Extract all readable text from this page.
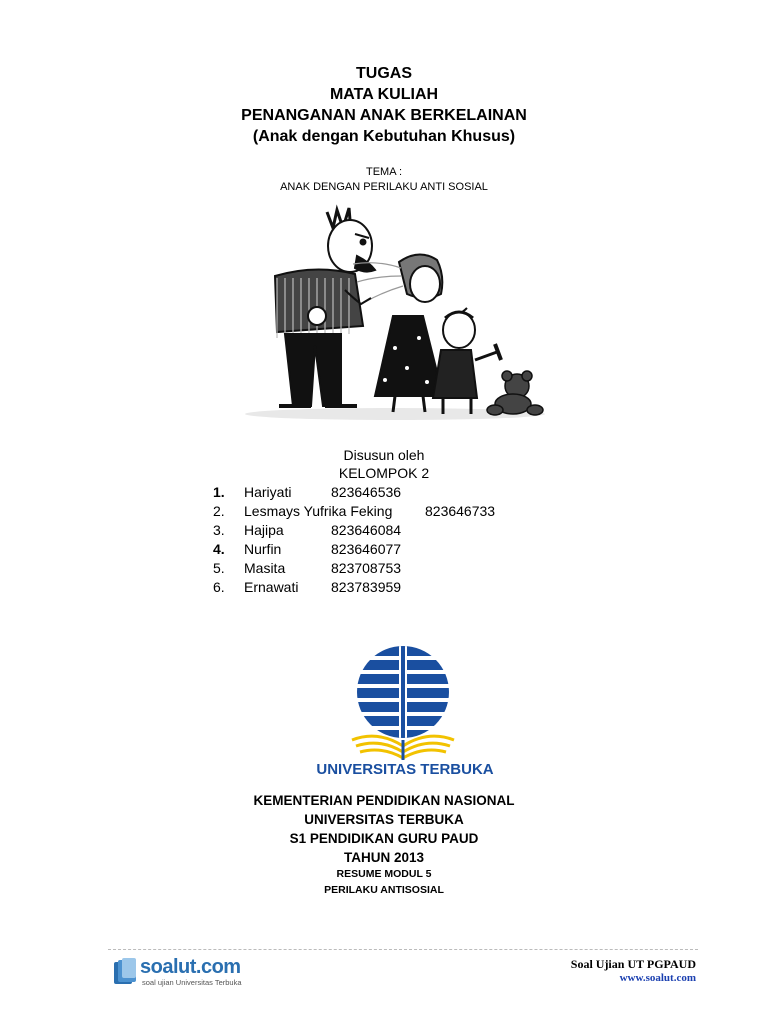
TUGAS
MATA KULIAH
PENANGANAN ANAK BERKELAINAN
(Anak dengan Kebutuhan Khusus)
TEMA :
ANAK DENGAN PERILAKU ANTI SOSIAL
Disusun oleh
KELOMPOK 2
1. Hariyati	823646536
2. Lesmays Yufrika Feking 823646733
3. Hajipa	823646084
4. Nurfin	823646077
5. Masita	823708753
6. Ernawati 823783959
UNIVERSITAS TERBUKA
KEMENTERIAN PENDIDIKAN NASIONAL
UNIVERSITAS TERBUKA
S1 PENDIDIKAN GURU PAUD
TAHUN 2013
RESUME MODUL 5
PERILAKU ANTISOSIAL
soalut.com
soal ujian Universitas Terbuka
Soal Ujian UT PGPAUD
www.soalut.com
